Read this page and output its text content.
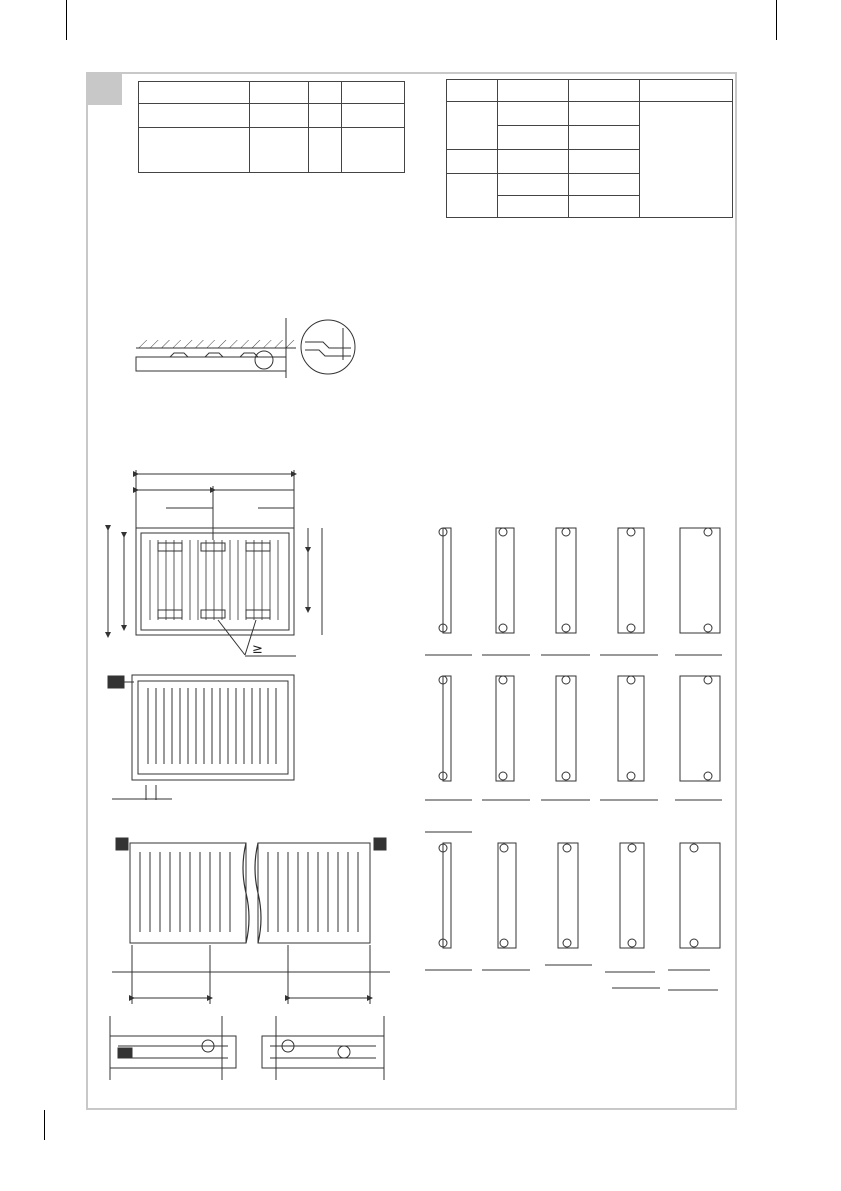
≥
